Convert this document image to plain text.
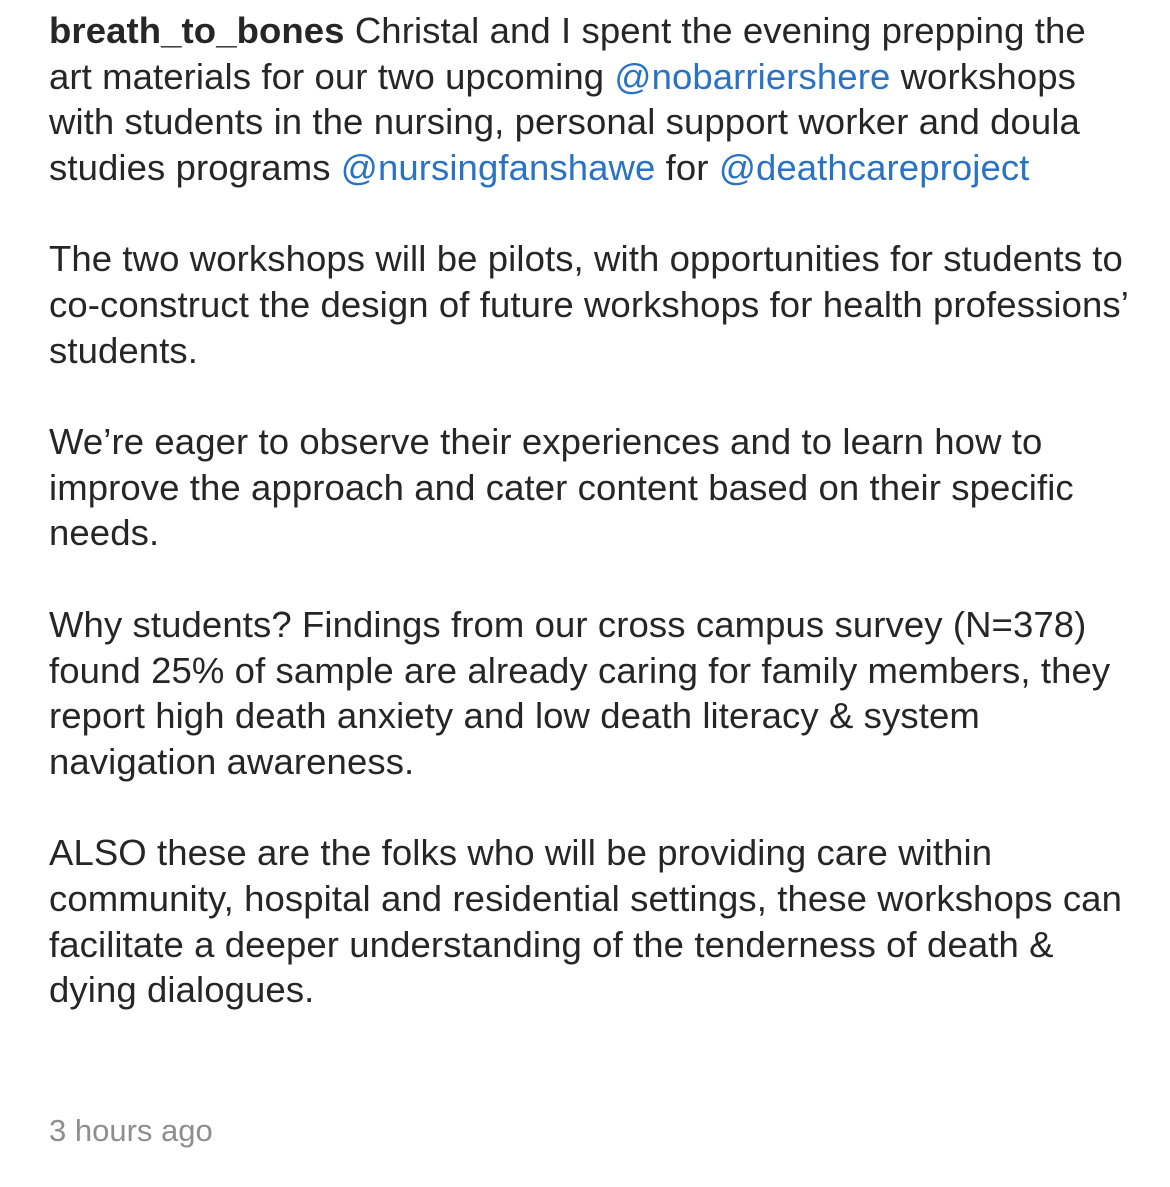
breath_to_bones Christal and I spent the evening prepping the art materials for our two upcoming @nobarriershere workshops with students in the nursing, personal support worker and doula studies programs @nursingfanshawe for @deathcareproject

The two workshops will be pilots, with opportunities for students to co-construct the design of future workshops for health professions’ students.

We’re eager to observe their experiences and to learn how to improve the approach and cater content based on their specific needs.

Why students? Findings from our cross campus survey (N=378) found 25% of sample are already caring for family members, they report high death anxiety and low death literacy & system navigation awareness.

ALSO these are the folks who will be providing care within community, hospital and residential settings, these workshops can facilitate a deeper understanding of the tenderness of death & dying dialogues.

3 hours ago
